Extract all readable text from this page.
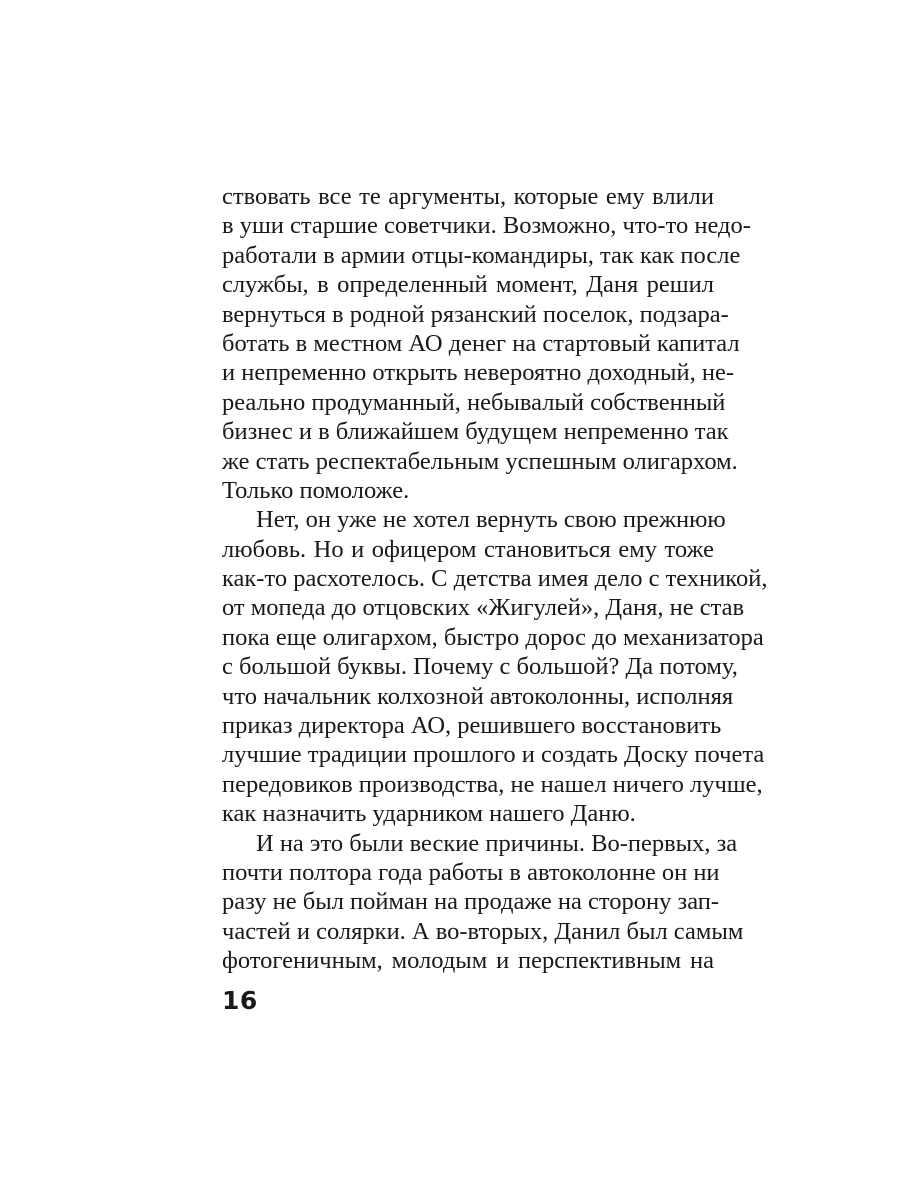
ствовать все те аргументы, которые ему влили
в уши старшие советчики. Возможно, что-то недо-
работали в армии отцы-командиры, так как после
службы, в определенный момент, Даня решил
вернуться в родной рязанский поселок, подзара-
ботать в местном АО денег на стартовый капитал
и непременно открыть невероятно доходный, не-
реально продуманный, небывалый собственный
бизнес и в ближайшем будущем непременно так
же стать респектабельным успешным олигархом.
Только помоложе.
Нет, он уже не хотел вернуть свою прежнюю
любовь. Но и офицером становиться ему тоже
как-то расхотелось. С детства имея дело с техникой,
от мопеда до отцовских «Жигулей», Даня, не став
пока еще олигархом, быстро дорос до механизатора
с большой буквы. Почему с большой? Да потому,
что начальник колхозной автоколонны, исполняя
приказ директора АО, решившего восстановить
лучшие традиции прошлого и создать Доску почета
передовиков производства, не нашел ничего лучше,
как назначить ударником нашего Даню.
И на это были веские причины. Во-первых, за
почти полтора года работы в автоколонне он ни
разу не был пойман на продаже на сторону зап-
частей и солярки. А во-вторых, Данил был самым
фотогеничным, молодым и перспективным на
16
